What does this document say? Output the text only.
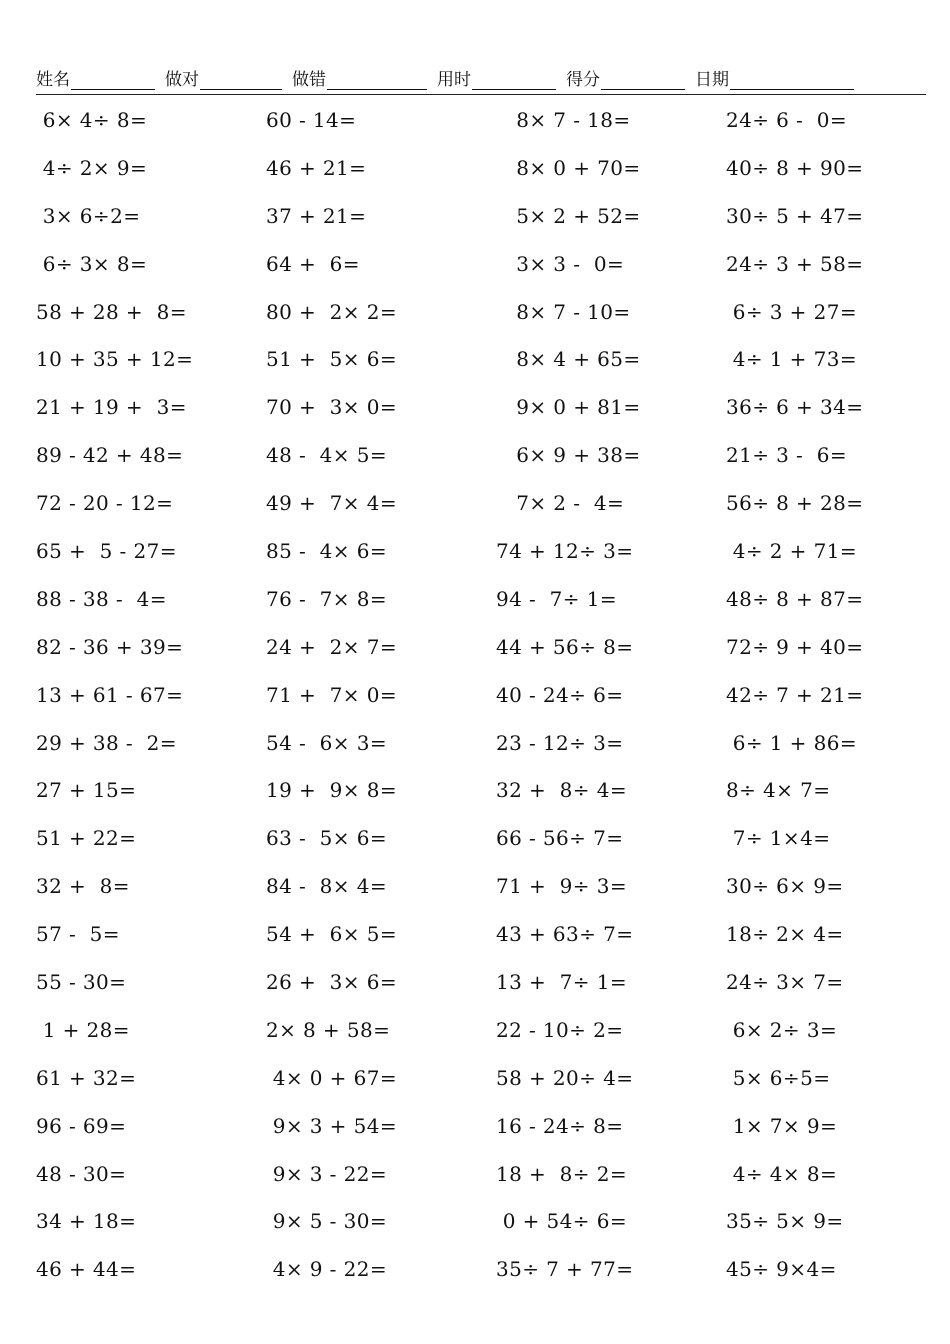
姓名	做对	做错	用时	得分	日期
6× 4÷ 8=	60 - 14=	8× 7 - 18=	24÷ 6 -  0=
4÷ 2× 9=	46 + 21=	8× 0 + 70=	40÷ 8 + 90=
3× 6÷2=	37 + 21=	5× 2 + 52=	30÷ 5 + 47=
6÷ 3× 8=	64 +  6=	3× 3 -  0=	24÷ 3 + 58=
58 + 28 +  8=	80 +  2× 2=	8× 7 - 10=	6÷ 3 + 27=
10 + 35 + 12=	51 +  5× 6=	8× 4 + 65=	4÷ 1 + 73=
21 + 19 +  3=	70 +  3× 0=	9× 0 + 81=	36÷ 6 + 34=
89 - 42 + 48=	48 -  4× 5=	6× 9 + 38=	21÷ 3 -  6=
72 - 20 - 12=	49 +  7× 4=	7× 2 -  4=	56÷ 8 + 28=
65 +  5 - 27=	85 -  4× 6=	74 + 12÷ 3=	4÷ 2 + 71=
88 - 38 -  4=	76 -  7× 8=	94 -  7÷ 1=	48÷ 8 + 87=
82 - 36 + 39=	24 +  2× 7=	44 + 56÷ 8=	72÷ 9 + 40=
13 + 61 - 67=	71 +  7× 0=	40 - 24÷ 6=	42÷ 7 + 21=
29 + 38 -  2=	54 -  6× 3=	23 - 12÷ 3=	6÷ 1 + 86=
27 + 15=	19 +  9× 8=	32 +  8÷ 4=	8÷ 4× 7=
51 + 22=	63 -  5× 6=	66 - 56÷ 7=	7÷ 1×4=
32 +  8=	84 -  8× 4=	71 +  9÷ 3=	30÷ 6× 9=
57 -  5=	54 +  6× 5=	43 + 63÷ 7=	18÷ 2× 4=
55 - 30=	26 +  3× 6=	13 +  7÷ 1=	24÷ 3× 7=
1 + 28=	2× 8 + 58=	22 - 10÷ 2=	6× 2÷ 3=
61 + 32=	4× 0 + 67=	58 + 20÷ 4=	5× 6÷5=
96 - 69=	9× 3 + 54=	16 - 24÷ 8=	1× 7× 9=
48 - 30=	9× 3 - 22=	18 +  8÷ 2=	4÷ 4× 8=
34 + 18=	9× 5 - 30=	0 + 54÷ 6=	35÷ 5× 9=
46 + 44=	4× 9 - 22=	35÷ 7 + 77=	45÷ 9×4=
